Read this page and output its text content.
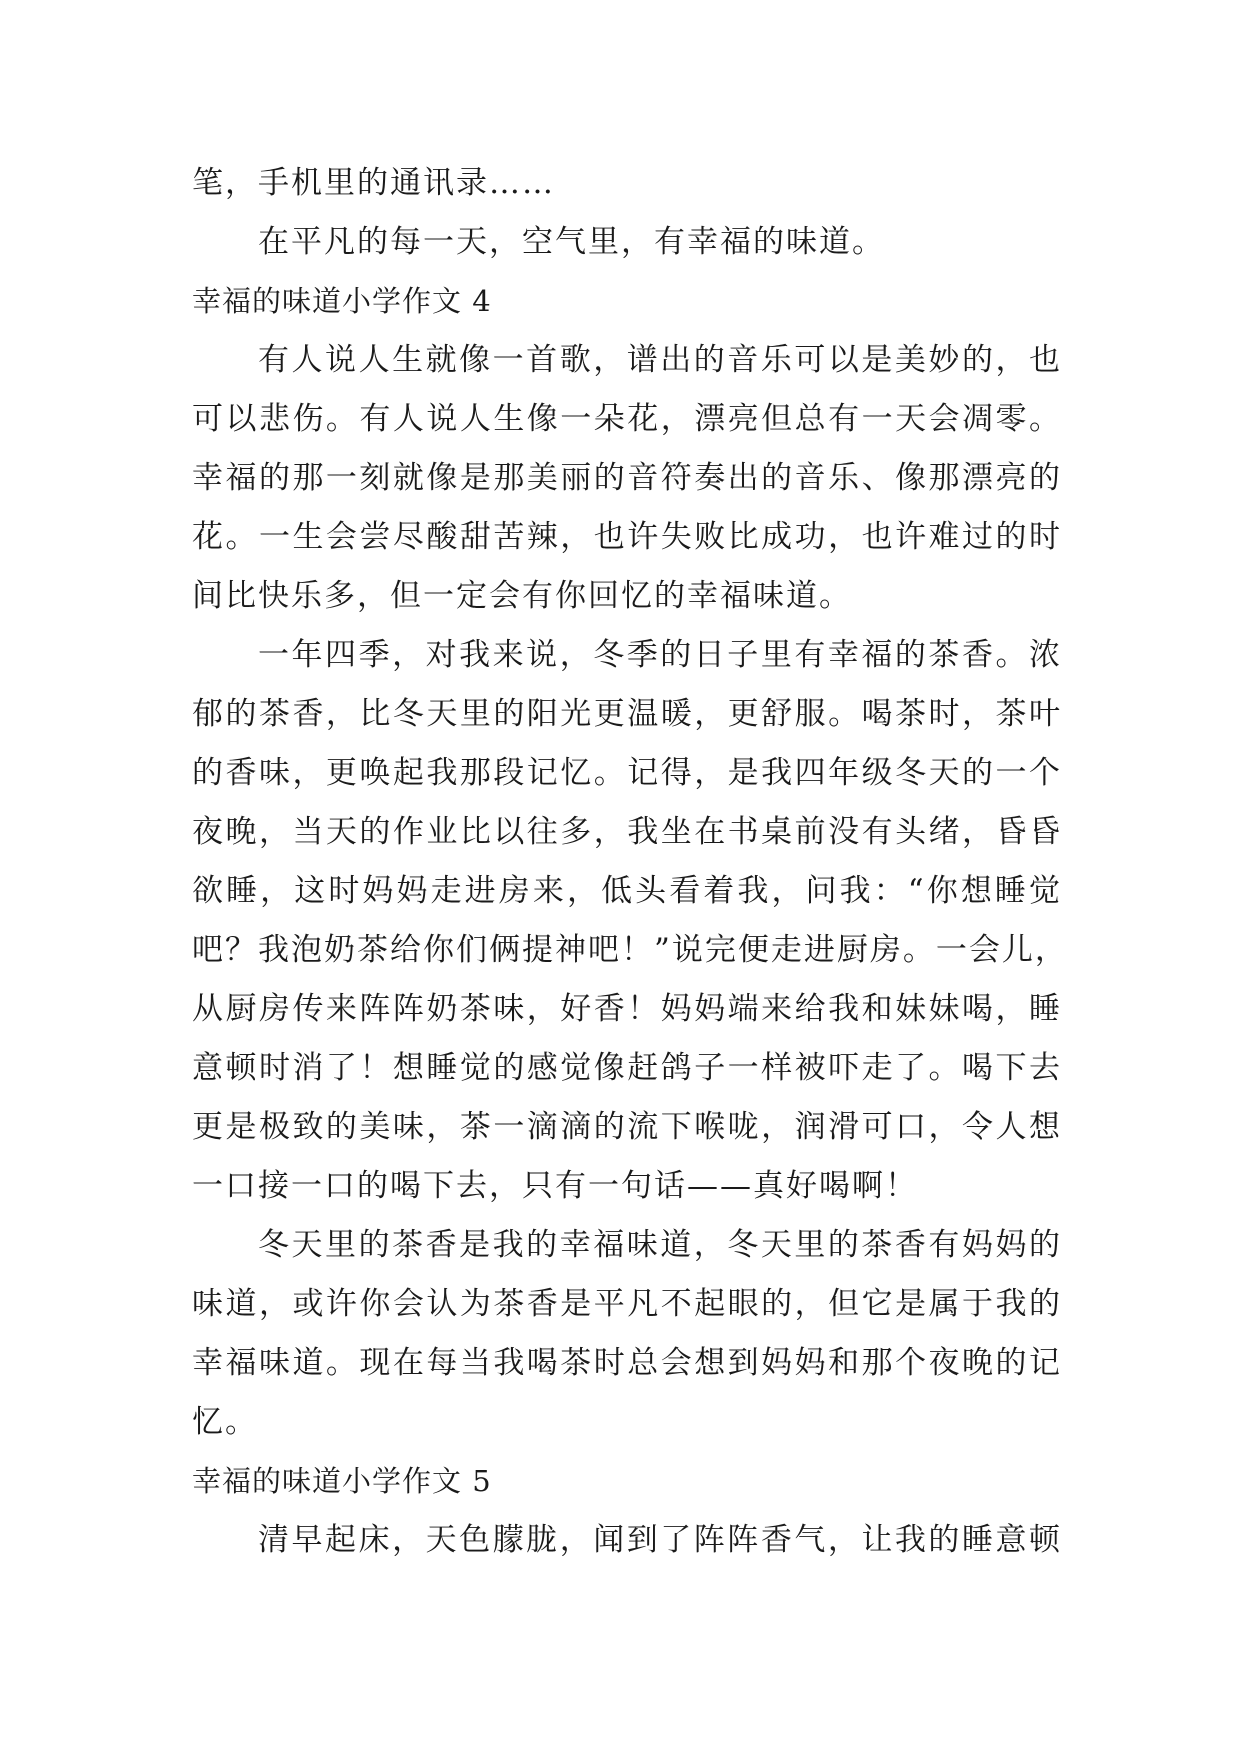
笔，手机里的通讯录……
在平凡的每一天，空气里，有幸福的味道。
幸福的味道小学作文 4
有人说人生就像一首歌，谱出的音乐可以是美妙的，也
可以悲伤。有人说人生像一朵花，漂亮但总有一天会凋零。
幸福的那一刻就像是那美丽的音符奏出的音乐、像那漂亮的
花。一生会尝尽酸甜苦辣，也许失败比成功，也许难过的时
间比快乐多，但一定会有你回忆的幸福味道。
一年四季，对我来说，冬季的日子里有幸福的茶香。浓
郁的茶香，比冬天里的阳光更温暖，更舒服。喝茶时，茶叶
的香味，更唤起我那段记忆。记得，是我四年级冬天的一个
夜晚，当天的作业比以往多，我坐在书桌前没有头绪，昏昏
欲睡，这时妈妈走进房来，低头看着我，问我：“你想睡觉
吧？我泡奶茶给你们俩提神吧！”说完便走进厨房。一会儿，
从厨房传来阵阵奶茶味，好香！妈妈端来给我和妹妹喝，睡
意顿时消了！想睡觉的感觉像赶鸽子一样被吓走了。喝下去
更是极致的美味，茶一滴滴的流下喉咙，润滑可口，令人想
一口接一口的喝下去，只有一句话——真好喝啊！
冬天里的茶香是我的幸福味道，冬天里的茶香有妈妈的
味道，或许你会认为茶香是平凡不起眼的，但它是属于我的
幸福味道。现在每当我喝茶时总会想到妈妈和那个夜晚的记
忆。
幸福的味道小学作文 5
清早起床，天色朦胧，闻到了阵阵香气，让我的睡意顿
